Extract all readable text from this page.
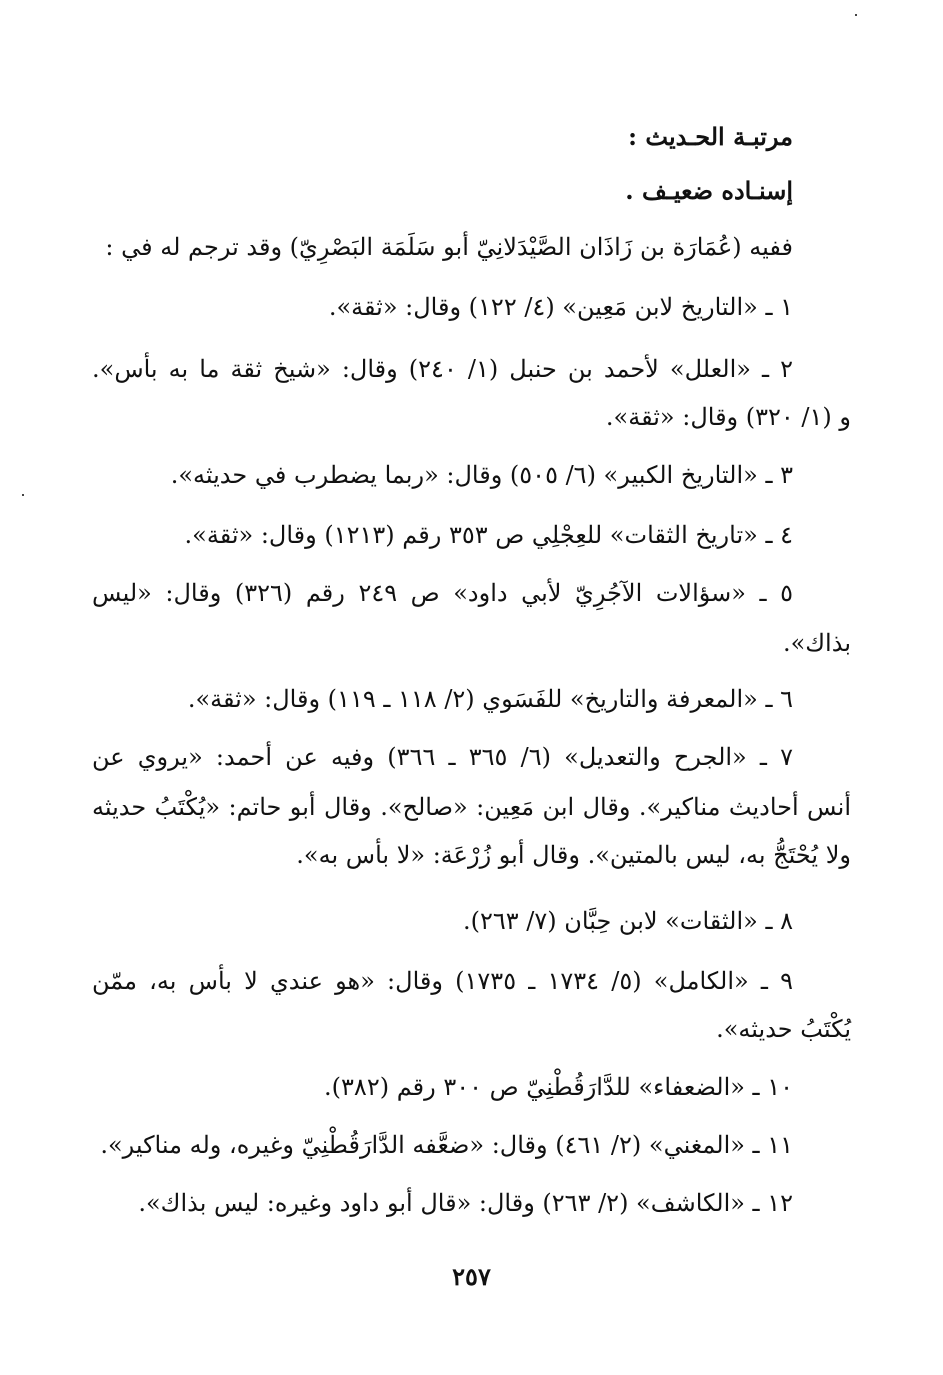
مرتبـة الحـديث :
إسنـاده ضعيـف .
ففيه (عُمَارَة بن زَاذَان الصَّيْدَلانِيّ أبو سَلَمَة البَصْرِيّ) وقد ترجم له في :
١ ـ «التاريخ لابن مَعِين» (٤/ ١٢٢) وقال: «ثقة».
٢ ـ «العلل» لأحمد بن حنبل (١/ ٢٤٠) وقال: «شيخ ثقة ما به بأس».
و (١/ ٣٢٠) وقال: «ثقة».
٣ ـ «التاريخ الكبير» (٦/ ٥٠٥) وقال: «ربما يضطرب في حديثه».
٤ ـ «تاريخ الثقات» للعِجْلِي ص ٣٥٣ رقم (١٢١٣) وقال: «ثقة».
٥ ـ «سؤالات الآجُرِيّ لأبي داود» ص ٢٤٩ رقم (٣٢٦) وقال: «ليس
بذاك».
٦ ـ «المعرفة والتاريخ» للفَسَوي (٢/ ١١٨ ـ ١١٩) وقال: «ثقة».
٧ ـ «الجرح والتعديل» (٦/ ٣٦٥ ـ ٣٦٦) وفيه عن أحمد: «يروي عن
أنس أحاديث مناكير». وقال ابن مَعِين: «صالح». وقال أبو حاتم: «يُكْتَبُ حديثه
ولا يُحْتَجُّ به، ليس بالمتين». وقال أبو زُرْعَة: «لا بأس به».
٨ ـ «الثقات» لابن حِبَّان (٧/ ٢٦٣).
٩ ـ «الكامل» (٥/ ١٧٣٤ ـ ١٧٣٥) وقال: «هو عندي لا بأس به، ممّن
يُكْتَبُ حديثه».
١٠ ـ «الضعفاء» للدَّارَقُطْنِيّ ص ٣٠٠ رقم (٣٨٢).
١١ ـ «المغني» (٢/ ٤٦١) وقال: «ضعَّفه الدَّارَقُطْنِيّ وغيره، وله مناكير».
١٢ ـ «الكاشف» (٢/ ٢٦٣) وقال: «قال أبو داود وغيره: ليس بذاك».
٢٥٧
